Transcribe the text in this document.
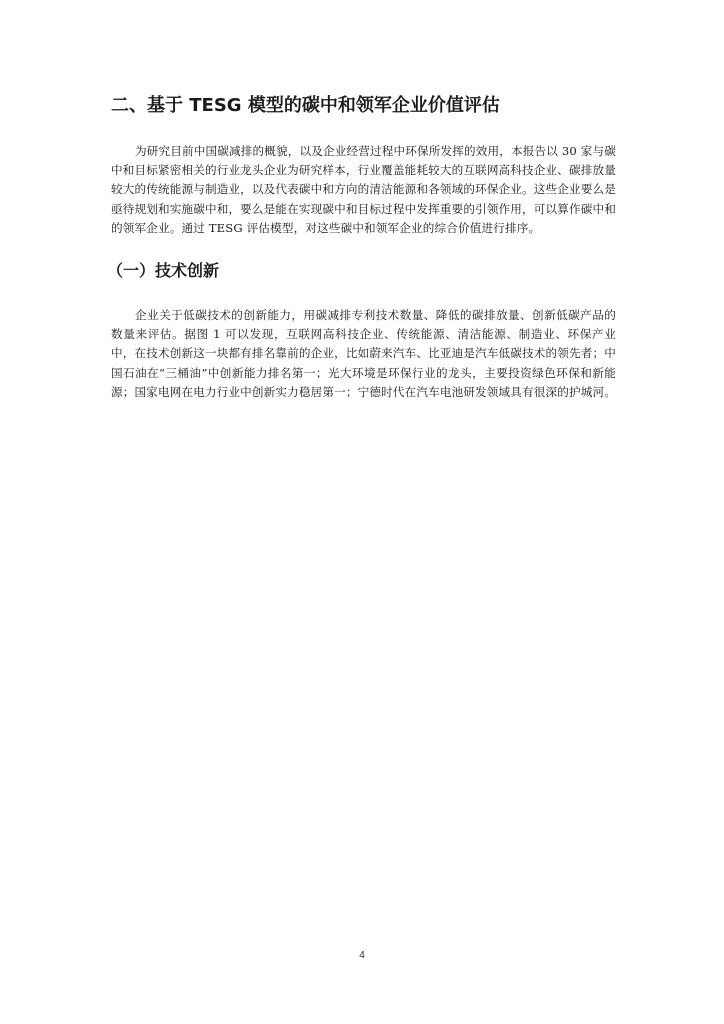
二、基于 TESG 模型的碳中和领军企业价值评估

为研究目前中国碳减排的概貌，以及企业经营过程中环保所发挥的效用，本报告以 30 家与碳中和目标紧密相关的行业龙头企业为研究样本，行业覆盖能耗较大的互联网高科技企业、碳排放量较大的传统能源与制造业，以及代表碳中和方向的清洁能源和各领域的环保企业。这些企业要么是亟待规划和实施碳中和，要么是能在实现碳中和目标过程中发挥重要的引领作用，可以算作碳中和的领军企业。通过 TESG 评估模型，对这些碳中和领军企业的综合价值进行排序。

（一）技术创新

企业关于低碳技术的创新能力，用碳减排专利技术数量、降低的碳排放量、创新低碳产品的数量来评估。据图 1 可以发现，互联网高科技企业、传统能源、清洁能源、制造业、环保产业中，在技术创新这一块都有排名靠前的企业，比如蔚来汽车、比亚迪是汽车低碳技术的领先者；中国石油在“三桶油”中创新能力排名第一；光大环境是环保行业的龙头，主要投资绿色环保和新能源；国家电网在电力行业中创新实力稳居第一；宁德时代在汽车电池研发领域具有很深的护城河。

4
